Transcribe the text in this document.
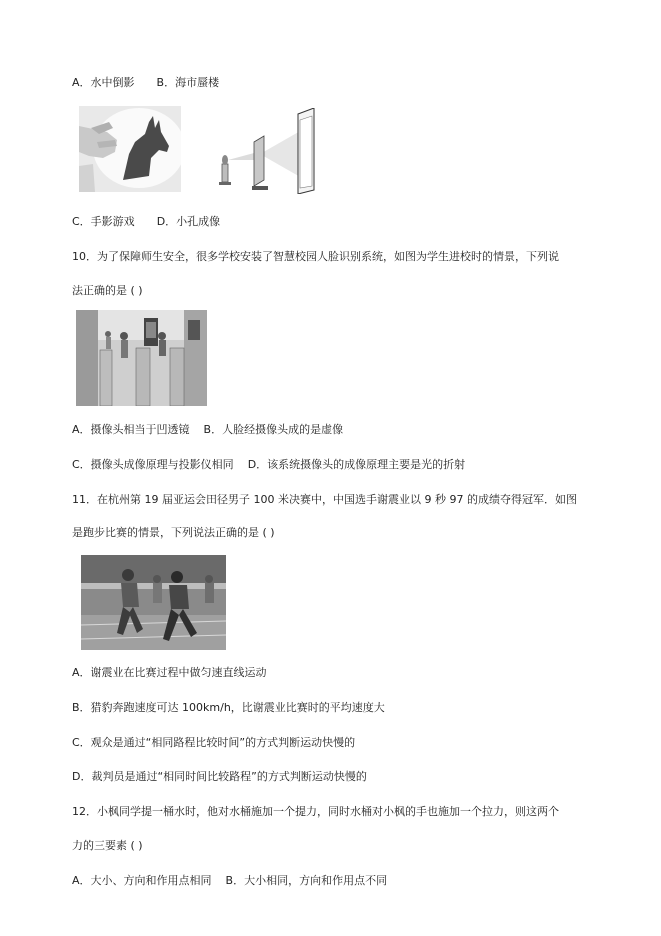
A．水中倒影 B．海市蜃楼
C．手影游戏 D．小孔成像
10．为了保障师生安全，很多学校安装了智慧校园人脸识别系统，如图为学生进校时的情景，下列说
法正确的是 ( )
A．摄像头相当于凹透镜 B．人脸经摄像头成的是虚像
C．摄像头成像原理与投影仪相同 D．该系统摄像头的成像原理主要是光的折射
11．在杭州第 19 届亚运会田径男子 100 米决赛中，中国选手谢震业以 9 秒 97 的成绩夺得冠军．如图
是跑步比赛的情景，下列说法正确的是 ( )
A．谢震业在比赛过程中做匀速直线运动
B．猎豹奔跑速度可达 100km/h，比谢震业比赛时的平均速度大
C．观众是通过“相同路程比较时间”的方式判断运动快慢的
D．裁判员是通过“相同时间比较路程”的方式判断运动快慢的
12．小枫同学提一桶水时，他对水桶施加一个提力，同时水桶对小枫的手也施加一个拉力，则这两个
力的三要素 ( )
A．大小、方向和作用点相同 B．大小相同，方向和作用点不同
